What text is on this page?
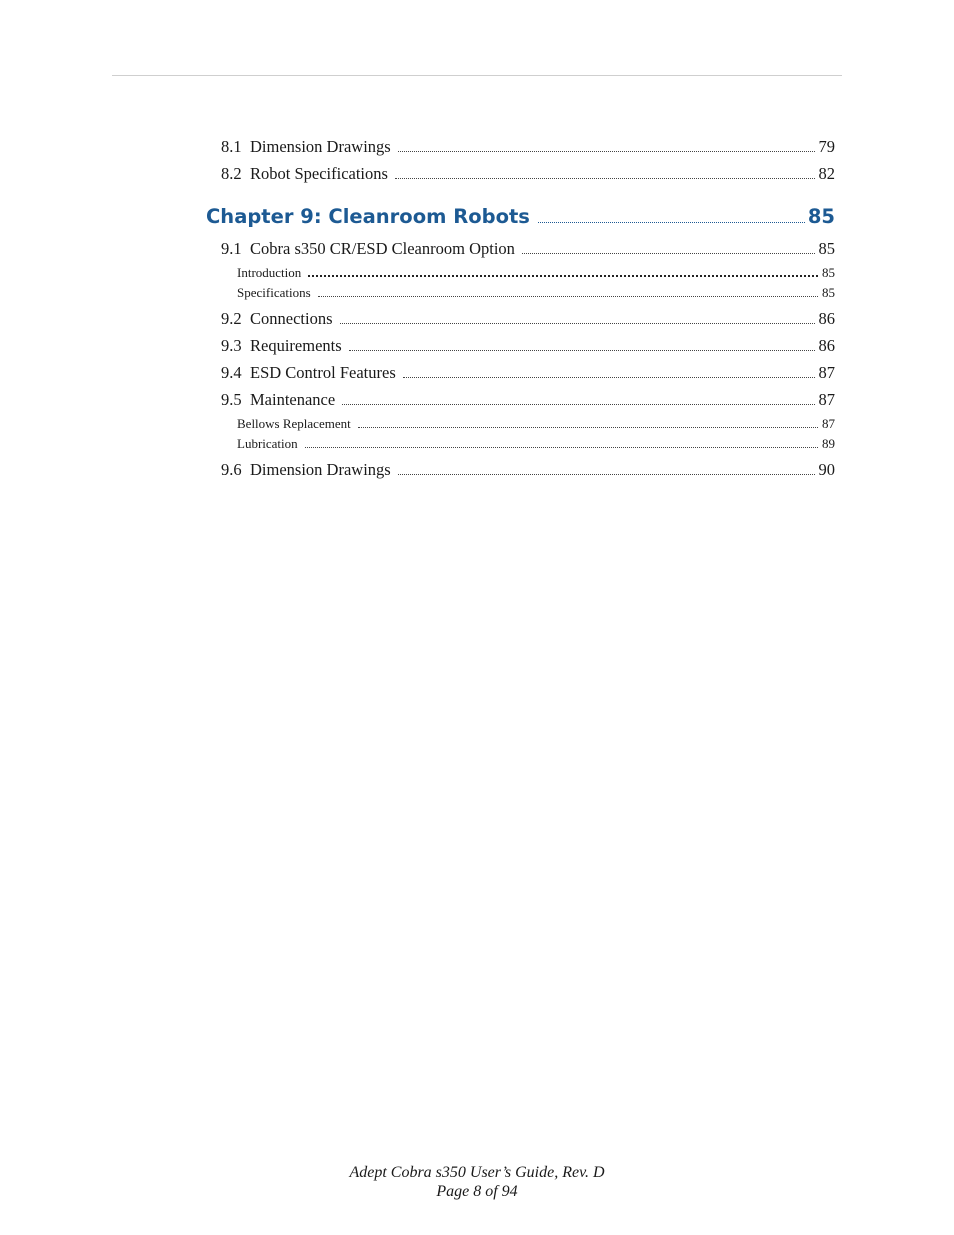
8.1 Dimension Drawings	79
8.2 Robot Specifications	82
Chapter 9: Cleanroom Robots	85
9.1 Cobra s350 CR/ESD Cleanroom Option	85
Introduction	85
Specifications	85
9.2 Connections	86
9.3 Requirements	86
9.4 ESD Control Features	87
9.5 Maintenance	87
Bellows Replacement	87
Lubrication	89
9.6 Dimension Drawings	90
Adept Cobra s350 User’s Guide, Rev. D
Page 8 of 94
